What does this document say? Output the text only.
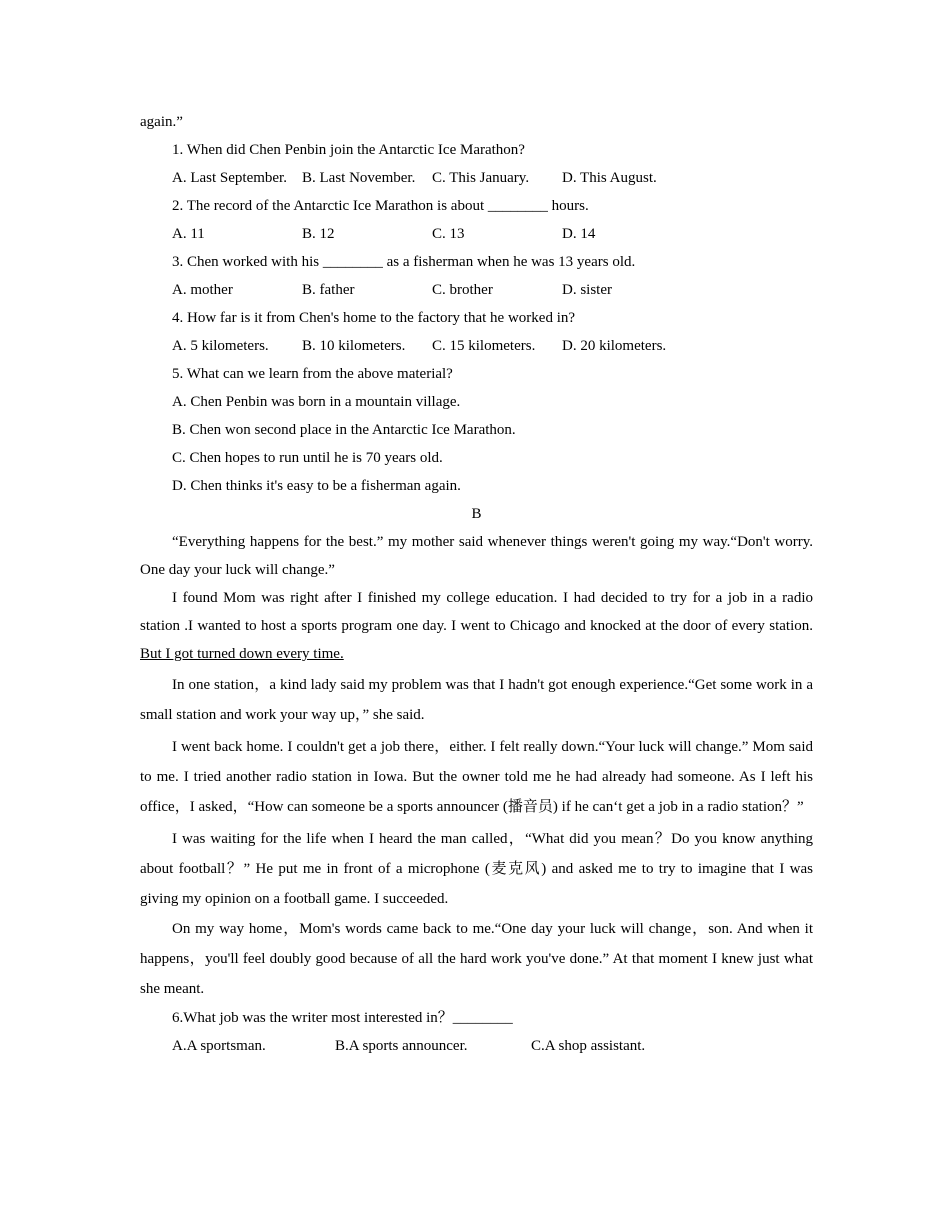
again.”
1. When did Chen Penbin join the Antarctic Ice Marathon?
A. Last September.	B. Last November.	C. This January.	D. This August.
2. The record of the Antarctic Ice Marathon is about ________ hours.
A. 11	B. 12	C. 13	D. 14
3. Chen worked with his ________ as a fisherman when he was 13 years old.
A. mother	B. father	C. brother	D. sister
4. How far is it from Chen's home to the factory that he worked in?
A. 5 kilometers.	B. 10 kilometers.	C. 15 kilometers.	D. 20 kilometers.
5. What can we learn from the above material?
A. Chen Penbin was born in a mountain village.
B. Chen won second place in the Antarctic Ice Marathon.
C. Chen hopes to run until he is 70 years old.
D. Chen thinks it's easy to be a fisherman again.
B

“Everything happens for the best.” my mother said whenever things weren't going my way.“Don't worry. One day your luck will change.”

I found Mom was right after I finished my college education. I had decided to try for a job in a radio station .I wanted to host a sports program one day. I went to Chicago and knocked at the door of every station. But I got turned down every time.

In one station，a kind lady said my problem was that I hadn't got enough experience.“Get some work in a small station and work your way up，” she said.

I went back home. I couldn't get a job there，either. I felt really down.“Your luck will change.” Mom said to me. I tried another radio station in Iowa. But the owner told me he had already had someone. As I left his office，I asked，“How can someone be a sports announcer (播音员) if he can‘t get a job in a radio station？”

I was waiting for the life when I heard the man called，“What did you mean？Do you know anything about football？” He put me in front of a microphone (麦克风) and asked me to try to imagine that I was giving my opinion on a football game. I succeeded.

On my way home，Mom's words came back to me.“One day your luck will change，son. And when it happens，you'll feel doubly good because of all the hard work you've done.” At that moment I knew just what she meant.

6.What job was the writer most interested in？________
A.A sportsman.	B.A sports announcer.	C.A shop assistant.
